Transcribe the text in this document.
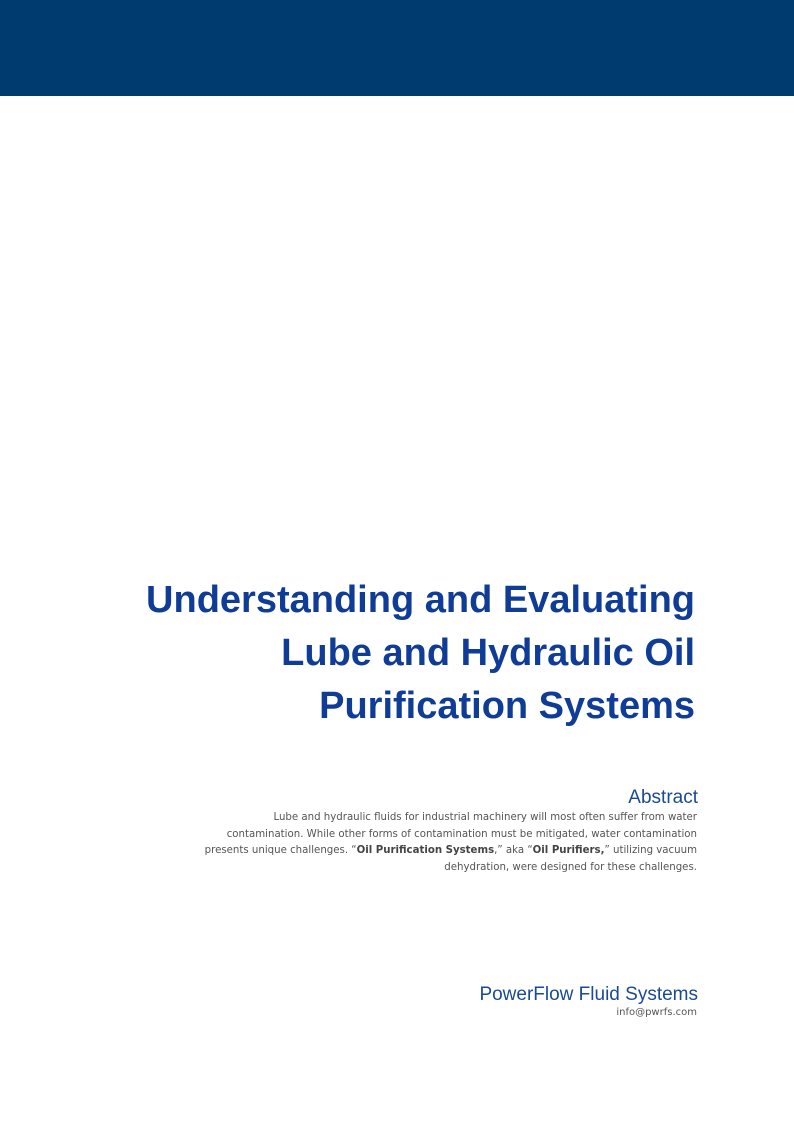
Understanding and Evaluating
Lube and Hydraulic Oil
Purification Systems
Abstract
Lube and hydraulic fluids for industrial machinery will most often suffer from water
contamination. While other forms of contamination must be mitigated, water contamination
presents unique challenges. “Oil Purification Systems,” aka “Oil Purifiers,” utilizing vacuum
dehydration, were designed for these challenges.
PowerFlow Fluid Systems
info@pwrfs.com
